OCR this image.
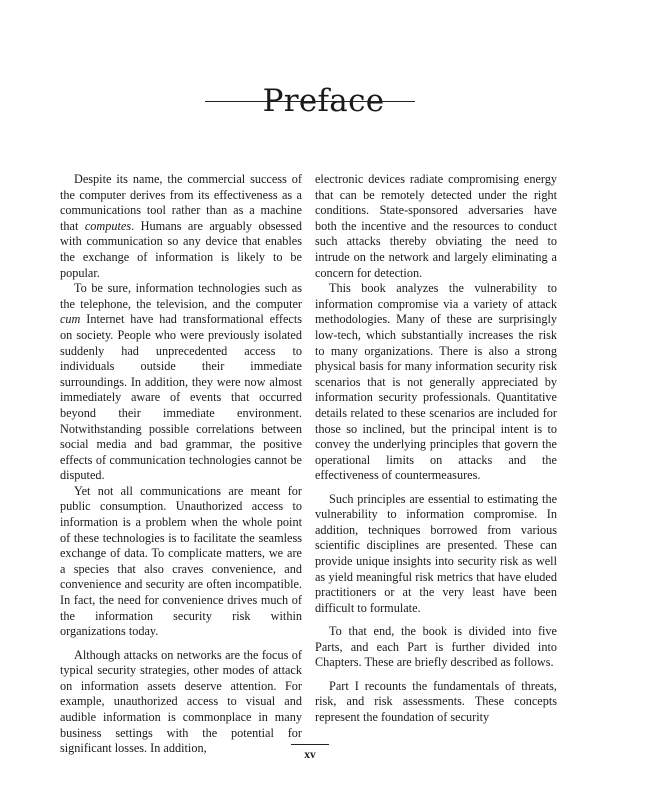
Preface

Despite its name, the commercial success of the computer derives from its effectiveness as a communications tool rather than as a machine that computes. Humans are arguably obsessed with communication so any device that enables the exchange of information is likely to be popular.

To be sure, information technologies such as the telephone, the television, and the computer cum Internet have had transformational effects on society. People who were previously isolated suddenly had unprecedented access to individuals outside their immediate surroundings. In addition, they were now almost immediately aware of events that occurred beyond their immediate environment. Notwithstanding possible correlations between social media and bad grammar, the positive effects of communication technologies cannot be disputed.

Yet not all communications are meant for public consumption. Unauthorized access to information is a problem when the whole point of these technologies is to facilitate the seamless exchange of data. To complicate matters, we are a species that also craves convenience, and convenience and security are often incompatible. In fact, the need for convenience drives much of the information security risk within organizations today.

Although attacks on networks are the focus of typical security strategies, other modes of attack on information assets deserve attention. For example, unauthorized access to visual and audible information is commonplace in many business settings with the potential for significant losses. In addition,

electronic devices radiate compromising energy that can be remotely detected under the right conditions. State-sponsored adversaries have both the incentive and the resources to conduct such attacks thereby obviating the need to intrude on the network and largely eliminating a concern for detection.

This book analyzes the vulnerability to information compromise via a variety of attack methodologies. Many of these are surprisingly low-tech, which substantially increases the risk to many organizations. There is also a strong physical basis for many information security risk scenarios that is not generally appreciated by information security professionals. Quantitative details related to these scenarios are included for those so inclined, but the principal intent is to convey the underlying principles that govern the operational limits on attacks and the effectiveness of countermeasures.

Such principles are essential to estimating the vulnerability to information compromise. In addition, techniques borrowed from various scientific disciplines are presented. These can provide unique insights into security risk as well as yield meaningful risk metrics that have eluded practitioners or at the very least have been difficult to formulate.

To that end, the book is divided into five Parts, and each Part is further divided into Chapters. These are briefly described as follows.

Part I recounts the fundamentals of threats, risk, and risk assessments. These concepts represent the foundation of security

xv
